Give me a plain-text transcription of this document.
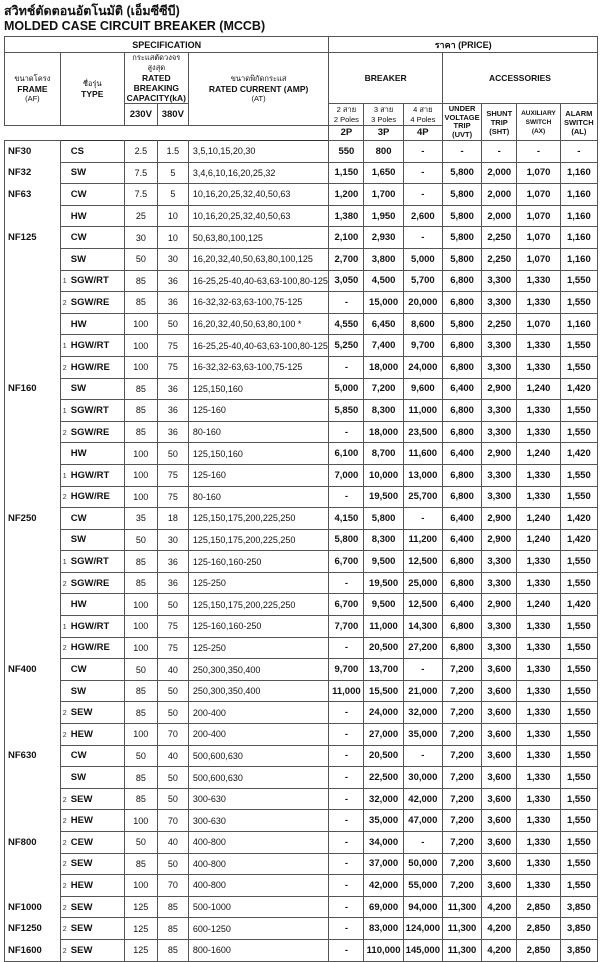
สวิทช์ตัดตอนอัตโนมัติ (เอ็มซีซีบี)
MOLDED CASE CIRCUIT BREAKER (MCCB)
SPECIFICATION					ราคา (PRICE)						

ขนาดโครง
FRAME
(AF)	ชื่อรุ่น
TYPE	กระแสตัดวงจรสูงสุด
RATED BREAKING CAPACITY(kA)		ขนาดพิกัดกระแส
RATED CURRENT (AMP)
(AT)	BREAKER			ACCESSORIES			
		230V	380V		2 สาย
2 Poles	3 สาย
3 Poles	4 สาย
4 Poles	UNDER
VOLTAGE
TRIP
(UVT)	SHUNT
TRIP
(SHT)	AUXILIARY
SWITCH
(AX)	ALARM
SWITCH
(AL)
					2P	3P	4P				
NF30	CS	2.5	1.5	3,5,10,15,20,30	550	800	-	-	-	-	-
NF32	SW	7.5	5	3,4,6,10,16,20,25,32	1,150	1,650	-	5,800	2,000	1,070	1,160
NF63	CW	7.5	5	10,16,20,25,32,40,50,63	1,200	1,700	-	5,800	2,000	1,070	1,160
	HW	25	10	10,16,20,25,32,40,50,63	1,380	1,950	2,600	5,800	2,000	1,070	1,160
NF125	CW	30	10	50,63,80,100,125	2,100	2,930	-	5,800	2,250	1,070	1,160
	SW	50	30	16,20,32,40,50,63,80,100,125	2,700	3,800	5,000	5,800	2,250	1,070	1,160
	1 SGW/RT	85	36	16-25,25-40,40-63,63-100,80-125	3,050	4,500	5,700	6,800	3,300	1,330	1,550
	2 SGW/RE	85	36	16-32,32-63,63-100,75-125	-	15,000	20,000	6,800	3,300	1,330	1,550
	HW	100	50	16,20,32,40,50,63,80,100 *	4,550	6,450	8,600	5,800	2,250	1,070	1,160
	1 HGW/RT	100	75	16-25,25-40,40-63,63-100,80-125	5,250	7,400	9,700	6,800	3,300	1,330	1,550
	2 HGW/RE	100	75	16-32,32-63,63-100,75-125	-	18,000	24,000	6,800	3,300	1,330	1,550
NF160	SW	85	36	125,150,160	5,000	7,200	9,600	6,400	2,900	1,240	1,420
	1 SGW/RT	85	36	125-160	5,850	8,300	11,000	6,800	3,300	1,330	1,550
	2 SGW/RE	85	36	80-160	-	18,000	23,500	6,800	3,300	1,330	1,550
	HW	100	50	125,150,160	6,100	8,700	11,600	6,400	2,900	1,240	1,420
	1 HGW/RT	100	75	125-160	7,000	10,000	13,000	6,800	3,300	1,330	1,550
	2 HGW/RE	100	75	80-160	-	19,500	25,700	6,800	3,300	1,330	1,550
NF250	CW	35	18	125,150,175,200,225,250	4,150	5,800	-	6,400	2,900	1,240	1,420
	SW	50	30	125,150,175,200,225,250	5,800	8,300	11,200	6,400	2,900	1,240	1,420
	1 SGW/RT	85	36	125-160,160-250	6,700	9,500	12,500	6,800	3,300	1,330	1,550
	2 SGW/RE	85	36	125-250	-	19,500	25,000	6,800	3,300	1,330	1,550
	HW	100	50	125,150,175,200,225,250	6,700	9,500	12,500	6,400	2,900	1,240	1,420
	1 HGW/RT	100	75	125-160,160-250	7,700	11,000	14,300	6,800	3,300	1,330	1,550
	2 HGW/RE	100	75	125-250	-	20,500	27,200	6,800	3,300	1,330	1,550
NF400	CW	50	40	250,300,350,400	9,700	13,700	-	7,200	3,600	1,330	1,550
	SW	85	50	250,300,350,400	11,000	15,500	21,000	7,200	3,600	1,330	1,550
	2 SEW	85	50	200-400	-	24,000	32,000	7,200	3,600	1,330	1,550
	2 HEW	100	70	200-400	-	27,000	35,000	7,200	3,600	1,330	1,550
NF630	CW	50	40	500,600,630	-	20,500	-	7,200	3,600	1,330	1,550
	SW	85	50	500,600,630	-	22,500	30,000	7,200	3,600	1,330	1,550
	2 SEW	85	50	300-630	-	32,000	42,000	7,200	3,600	1,330	1,550
	2 HEW	100	70	300-630	-	35,000	47,000	7,200	3,600	1,330	1,550
NF800	2 CEW	50	40	400-800	-	34,000	-	7,200	3,600	1,330	1,550
	2 SEW	85	50	400-800	-	37,000	50,000	7,200	3,600	1,330	1,550
	2 HEW	100	70	400-800	-	42,000	55,000	7,200	3,600	1,330	1,550
NF1000	2 SEW	125	85	500-1000	-	69,000	94,000	11,300	4,200	2,850	3,850
NF1250	2 SEW	125	85	600-1250	-	83,000	124,000	11,300	4,200	2,850	3,850
NF1600	2 SEW	125	85	800-1600	-	110,000	145,000	11,300	4,200	2,850	3,850
